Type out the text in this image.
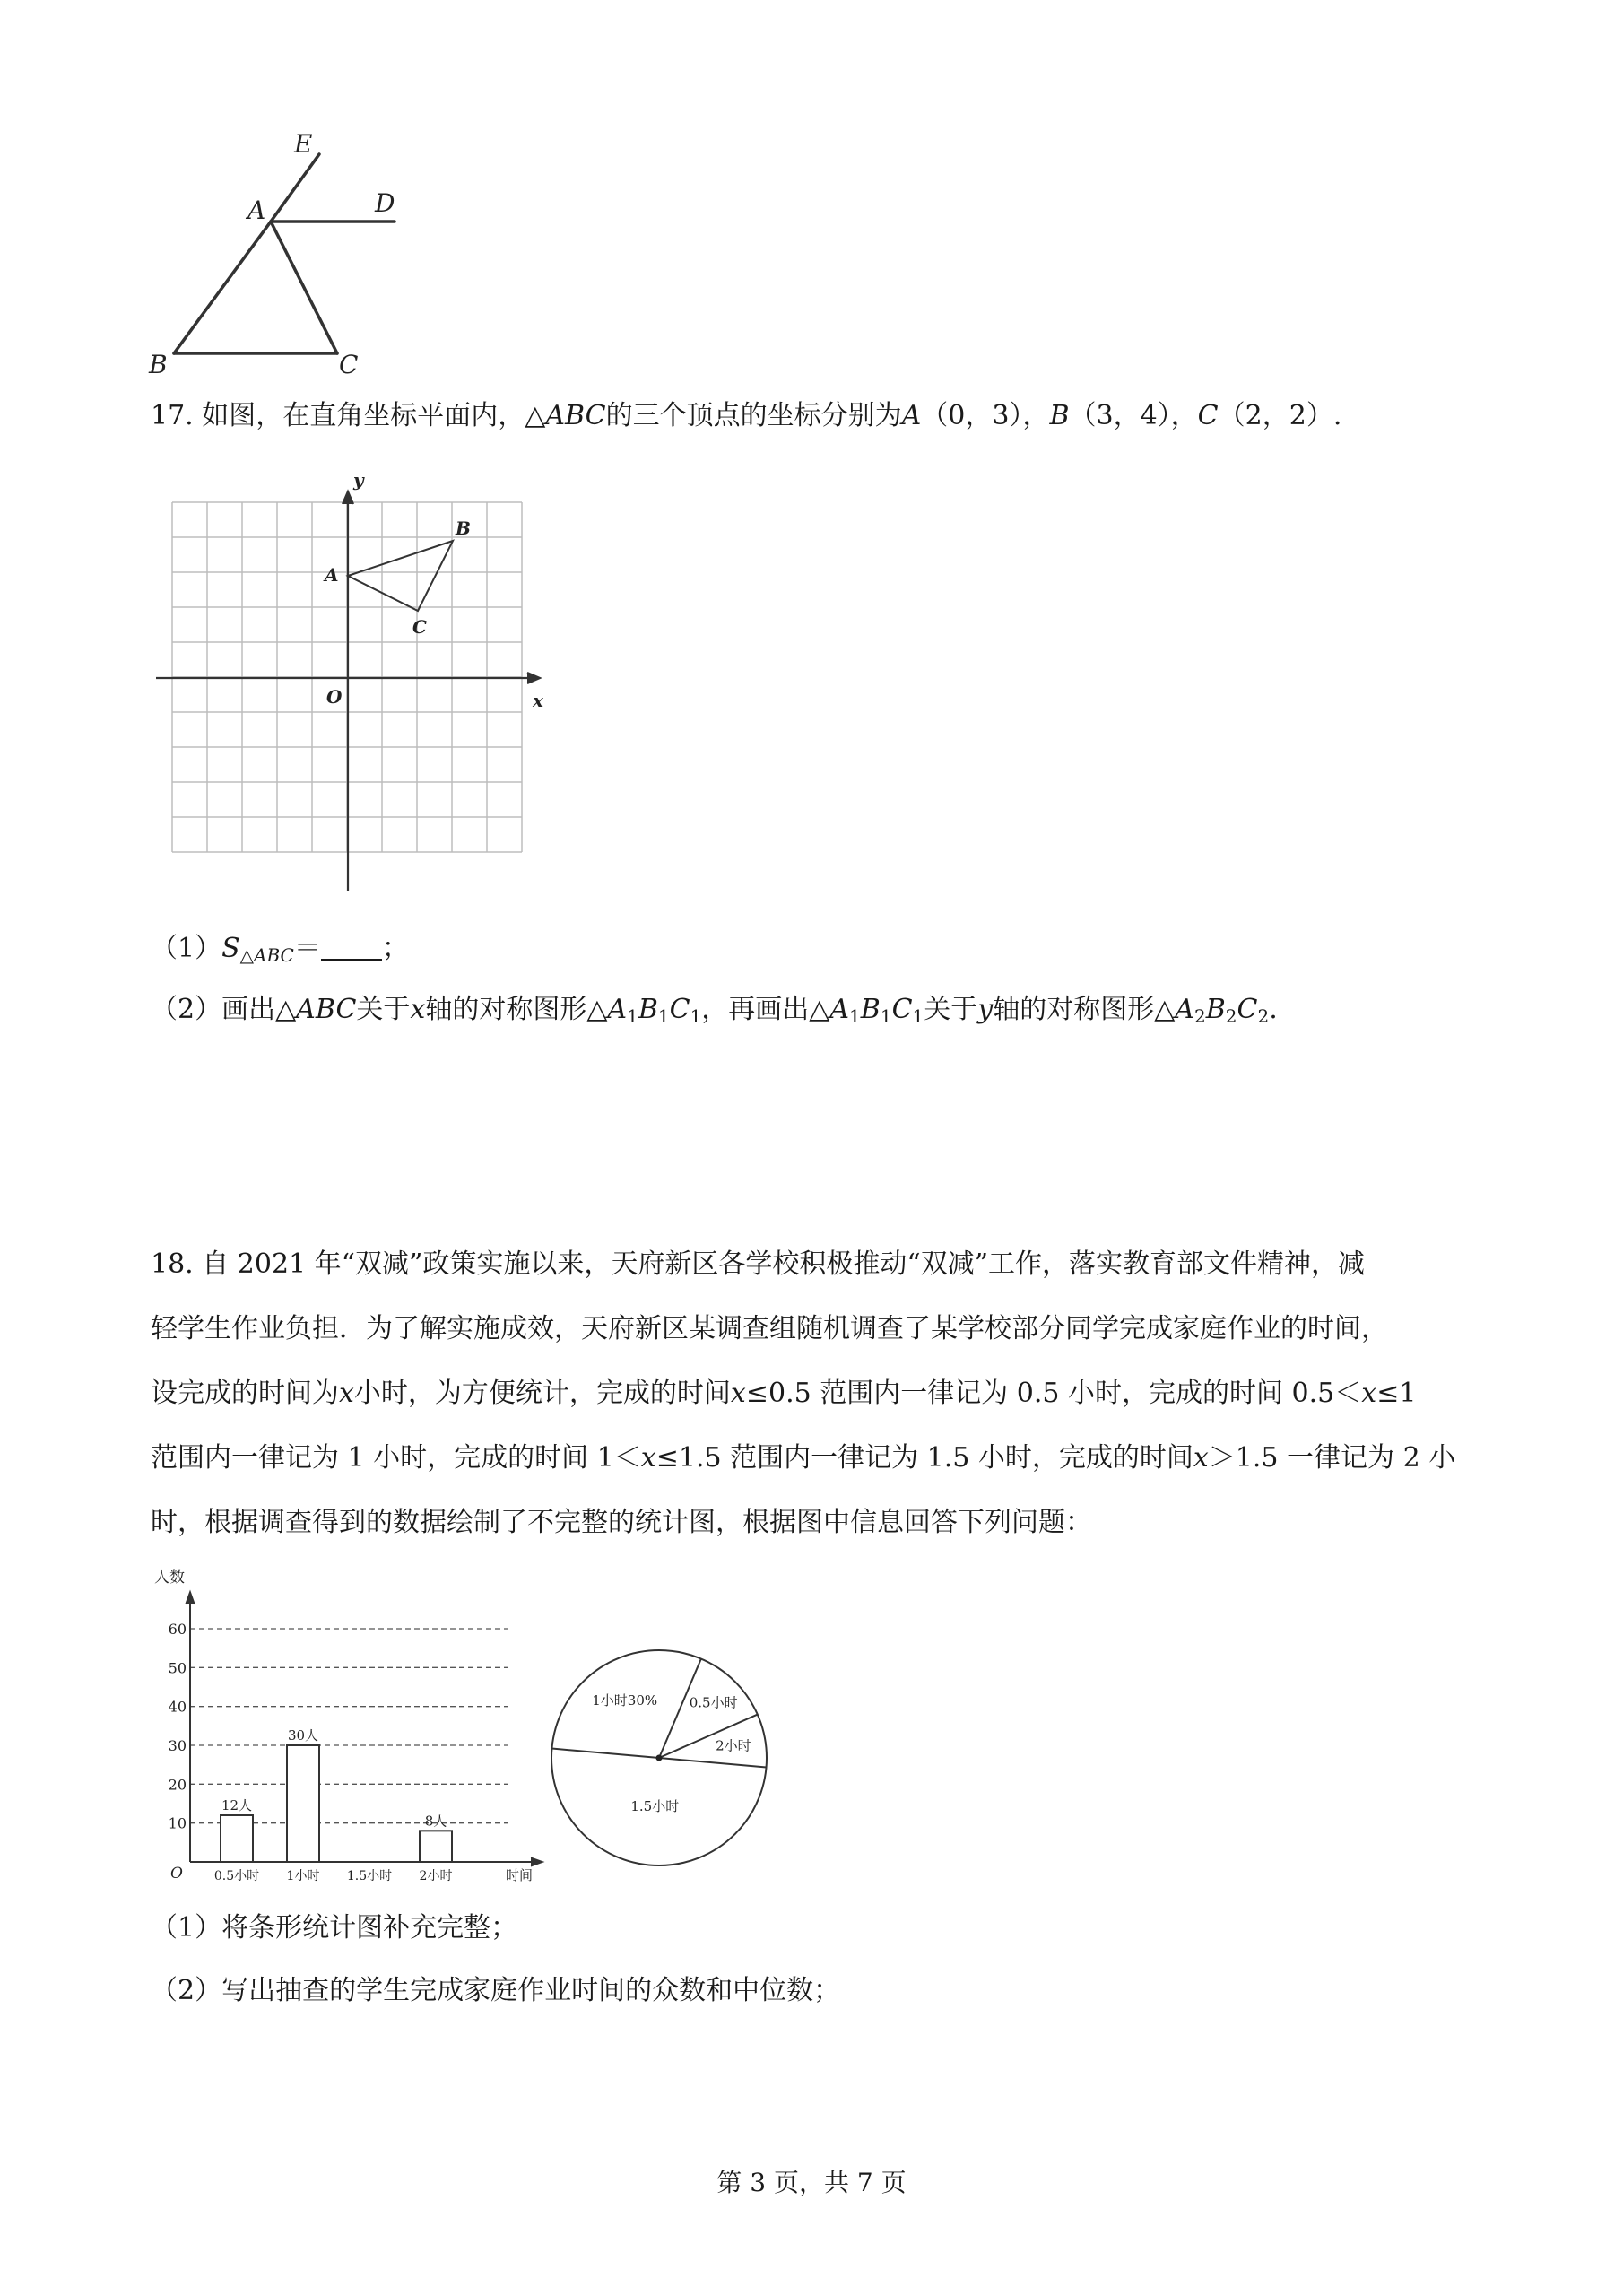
E
D
A
B	C
17. 如图，在直角坐标平面内，△ABC的三个顶点的坐标分别为A（0，3），B（3，4），C（2，2）.
y
x
O
A
B
C
$(1)S_{\triangle ABC}=$ ；
（2）画出△ABC关于x轴的对称图形$\triangle A_1B_1C_1$，再画出$\triangle A_1B_1C_1$关于y轴的对称图形$\triangle A_2B_2C_2$.
18. 自 2021 年“双减”政策实施以来，天府新区各学校积极推动“双减”工作，落实教育部文件精神，减
轻学生作业负担．为了解实施成效，天府新区某调查组随机调查了某学校部分同学完成家庭作业的时间，
设完成的时间为x小时，为方便统计，完成的时间x≤0.5 范围内一律记为 0.5 小时，完成的时间 0.5＜x≤1
范围内一律记为 1 小时，完成的时间 1＜x≤1.5 范围内一律记为 1.5 小时，完成的时间x＞1.5 一律记为 2 小
时，根据调查得到的数据绘制了不完整的统计图，根据图中信息回答下列问题：
人数
10
20
30
40
50
60
O	时间
0.5小时
12人
1小时
30人
1.5小时 2小时
8人
1小时30% 0.5小时
2小时
1.5小时
（1）将条形统计图补充完整；
（2）写出抽查的学生完成家庭作业时间的众数和中位数；
第 3 页，共 7 页
